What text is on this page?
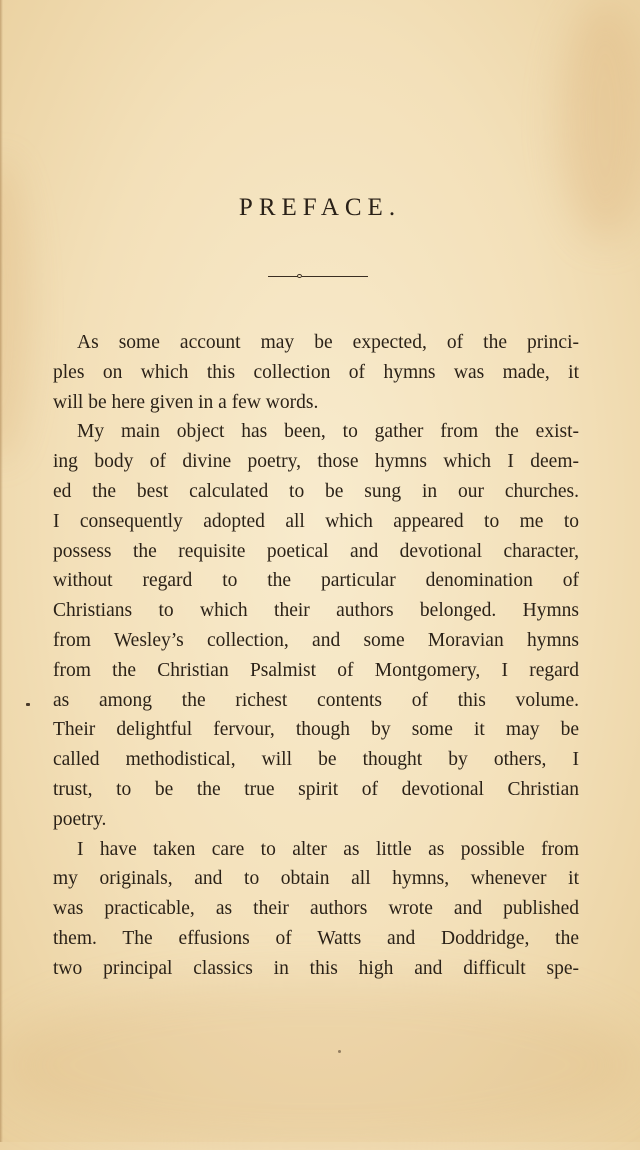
PREFACE.
As some account may be expected, of the princi-
ples on which this collection of hymns was made, it
will be here given in a few words.
My main object has been, to gather from the exist-
ing body of divine poetry, those hymns which I deem-
ed the best calculated to be sung in our churches.
I consequently adopted all which appeared to me to
possess the requisite poetical and devotional character,
without regard to the particular denomination of
Christians to which their authors belonged. Hymns
from Wesley’s collection, and some Moravian hymns
from the Christian Psalmist of Montgomery, I regard
as among the richest contents of this volume.
Their delightful fervour, though by some it may be
called methodistical, will be thought by others, I
trust, to be the true spirit of devotional Christian
poetry.
I have taken care to alter as little as possible from
my originals, and to obtain all hymns, whenever it
was practicable, as their authors wrote and published
them. The effusions of Watts and Doddridge, the
two principal classics in this high and difficult spe-
